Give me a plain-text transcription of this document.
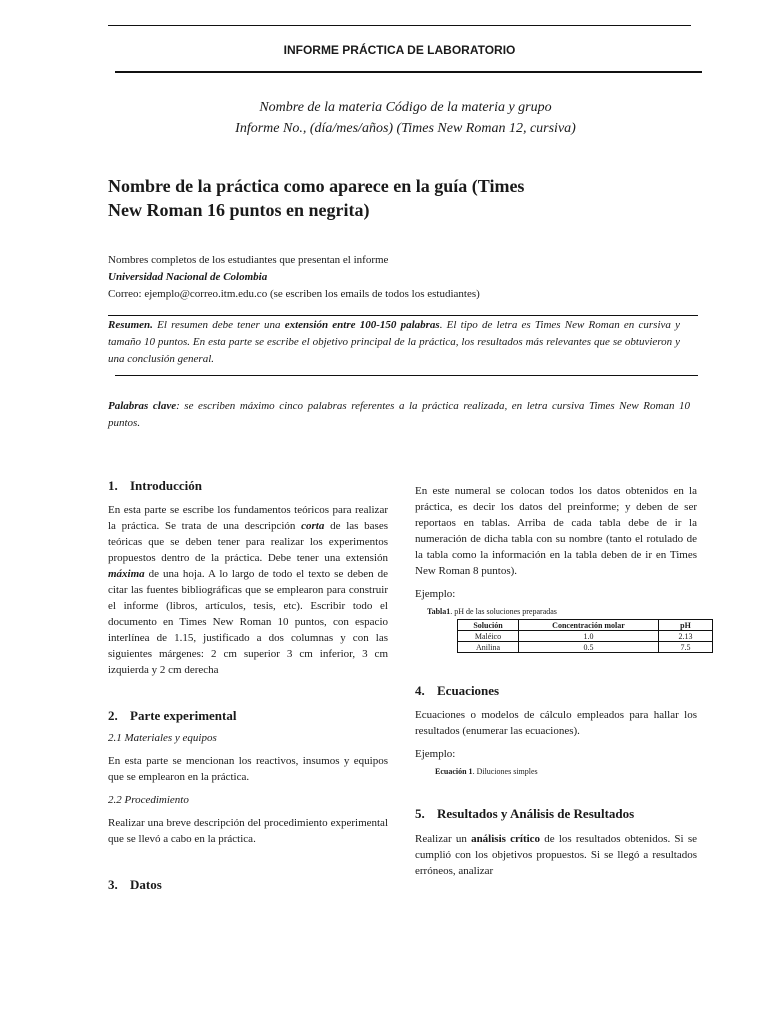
INFORME PRÁCTICA DE LABORATORIO
Nombre de la materia Código de la materia y grupo
Informe No., (día/mes/años) (Times New Roman 12, cursiva)
Nombre de la práctica como aparece en la guía (Times
New Roman 16 puntos en negrita)
Nombres completos de los estudiantes que presentan el informe
Universidad Nacional de Colombia
Correo: ejemplo@correo.itm.edu.co (se escriben los emails de todos los estudiantes)
Resumen. El resumen debe tener una extensión entre 100-150 palabras. El tipo de letra es Times New Roman en cursiva y tamaño 10 puntos. En esta parte se escribe el objetivo principal de la práctica, los resultados más relevantes que se obtuvieron y una conclusión general.
Palabras clave: se escriben máximo cinco palabras referentes a la práctica realizada, en letra cursiva Times New Roman 10 puntos.
1. Introducción

En esta parte se escribe los fundamentos teóricos para realizar la práctica. Se trata de una descripción corta de las bases teóricas que se deben tener para realizar los experimentos propuestos dentro de la práctica. Debe tener una extensión máxima de una hoja. A lo largo de todo el texto se deben de citar las fuentes bibliográficas que se emplearon para construir el informe (libros, artículos, tesis, etc). Escribir todo el documento en Times New Roman 10 puntos, con espacio interlínea de 1.15, justificado a dos columnas y con las siguientes márgenes: 2 cm superior 3 cm inferior, 3 cm izquierda y 2 cm derecha

2. Parte experimental

2.1 Materiales y equipos

En esta parte se mencionan los reactivos, insumos y equipos que se emplearon en la práctica.

2.2 Procedimiento

Realizar una breve descripción del procedimiento experimental que se llevó a cabo en la práctica.

3. Datos

En este numeral se colocan todos los datos obtenidos en la práctica, es decir los datos del preinforme; y deben de ser reportaos en tablas. Arriba de cada tabla debe de ir la numeración de dicha tabla con su nombre (tanto el rotulado de la tabla como la información en la tabla deben de ir en Times New Roman 8 puntos).

Ejemplo:

Tabla1. pH de las soluciones preparadas
Solución	Concentración molar	pH
Maléico	1.0	2.13
Anilina	0.5	7.5
4. Ecuaciones

Ecuaciones o modelos de cálculo empleados para hallar los resultados (enumerar las ecuaciones).

Ejemplo:

Ecuación 1. Diluciones simples
5. Resultados y Análisis de Resultados

Realizar un análisis crítico de los resultados obtenidos. Si se cumplió con los objetivos propuestos. Si se llegó a resultados erróneos, analizar
